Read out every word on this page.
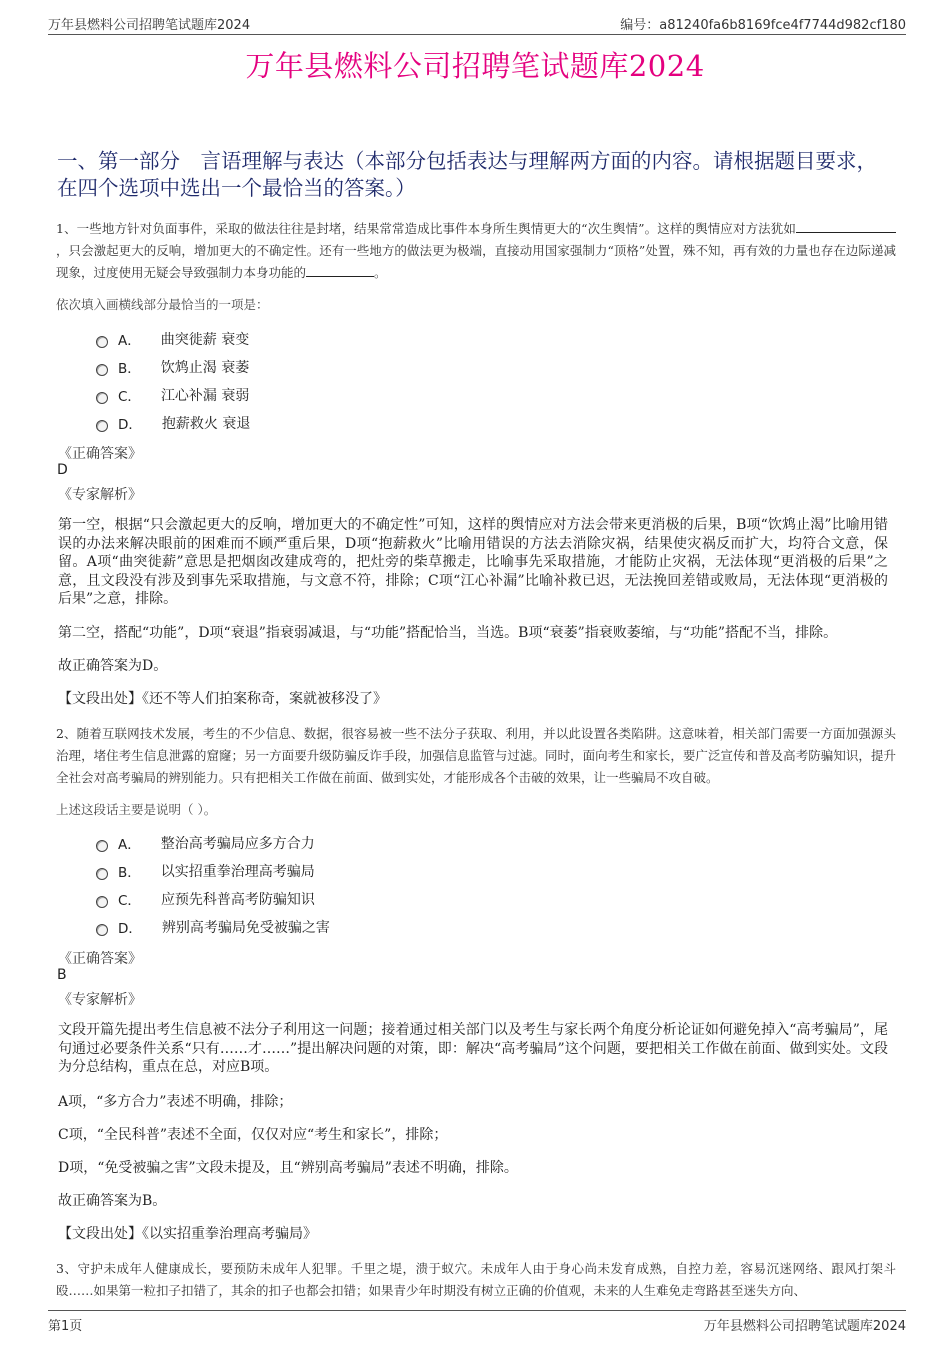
万年县燃料公司招聘笔试题库2024	编号：a81240fa6b8169fce4f7744d982cf180
万年县燃料公司招聘笔试题库2024
一、第一部分　言语理解与表达（本部分包括表达与理解两方面的内容。请根据题目要求，在四个选项中选出一个最恰当的答案。）
1、一些地方针对负面事件，采取的做法往往是封堵，结果常常造成比事件本身所生舆情更大的“次生舆情”。这样的舆情应对方法犹如，只会激起更大的反响，增加更大的不确定性。还有一些地方的做法更为极端，直接动用国家强制力“顶格”处置，殊不知，再有效的力量也存在边际递减现象，过度使用无疑会导致强制力本身功能的	。
依次填入画横线部分最恰当的一项是：
A． 曲突徙薪 衰变
B． 饮鸩止渴 衰萎
C． 江心补漏 衰弱
D． 抱薪救火 衰退
《正确答案》
D
《专家解析》
第一空，根据“只会激起更大的反响，增加更大的不确定性”可知，这样的舆情应对方法会带来更消极的后果，B项“饮鸩止渴”比喻用错误的办法来解决眼前的困难而不顾严重后果，D项“抱薪救火”比喻用错误的方法去消除灾祸，结果使灾祸反而扩大，均符合文意，保留。A项“曲突徙薪”意思是把烟囱改建成弯的，把灶旁的柴草搬走，比喻事先采取措施，才能防止灾祸，无法体现“更消极的后果”之意，且文段没有涉及到事先采取措施，与文意不符，排除；C项“江心补漏”比喻补救已迟，无法挽回差错或败局，无法体现“更消极的后果”之意，排除。
第二空，搭配“功能”，D项“衰退”指衰弱减退，与“功能”搭配恰当，当选。B项“衰萎”指衰败萎缩，与“功能”搭配不当，排除。
故正确答案为D。
【文段出处】《还不等人们拍案称奇，案就被移没了》
2、随着互联网技术发展，考生的不少信息、数据，很容易被一些不法分子获取、利用，并以此设置各类陷阱。这意味着，相关部门需要一方面加强源头治理，堵住考生信息泄露的窟窿；另一方面要升级防骗反诈手段，加强信息监管与过滤。同时，面向考生和家长，要广泛宣传和普及高考防骗知识，提升全社会对高考骗局的辨别能力。只有把相关工作做在前面、做到实处，才能形成各个击破的效果，让一些骗局不攻自破。
上述这段话主要是说明（ ）。
A． 整治高考骗局应多方合力
B． 以实招重拳治理高考骗局
C． 应预先科普高考防骗知识
D． 辨别高考骗局免受被骗之害
《正确答案》
B
《专家解析》
文段开篇先提出考生信息被不法分子利用这一问题；接着通过相关部门以及考生与家长两个角度分析论证如何避免掉入“高考骗局”，尾句通过必要条件关系“只有……才……”提出解决问题的对策，即：解决“高考骗局”这个问题，要把相关工作做在前面、做到实处。文段为分总结构，重点在总，对应B项。
A项，“多方合力”表述不明确，排除；
C项，“全民科普”表述不全面，仅仅对应“考生和家长”，排除；
D项，“免受被骗之害”文段未提及，且“辨别高考骗局”表述不明确，排除。
故正确答案为B。
【文段出处】《以实招重拳治理高考骗局》
3、守护未成年人健康成长，要预防未成年人犯罪。千里之堤，溃于蚁穴。未成年人由于身心尚未发育成熟，自控力差，容易沉迷网络、跟风打架斗殴……如果第一粒扣子扣错了，其余的扣子也都会扣错；如果青少年时期没有树立正确的价值观，未来的人生难免走弯路甚至迷失方向、
第1页	万年县燃料公司招聘笔试题库2024
